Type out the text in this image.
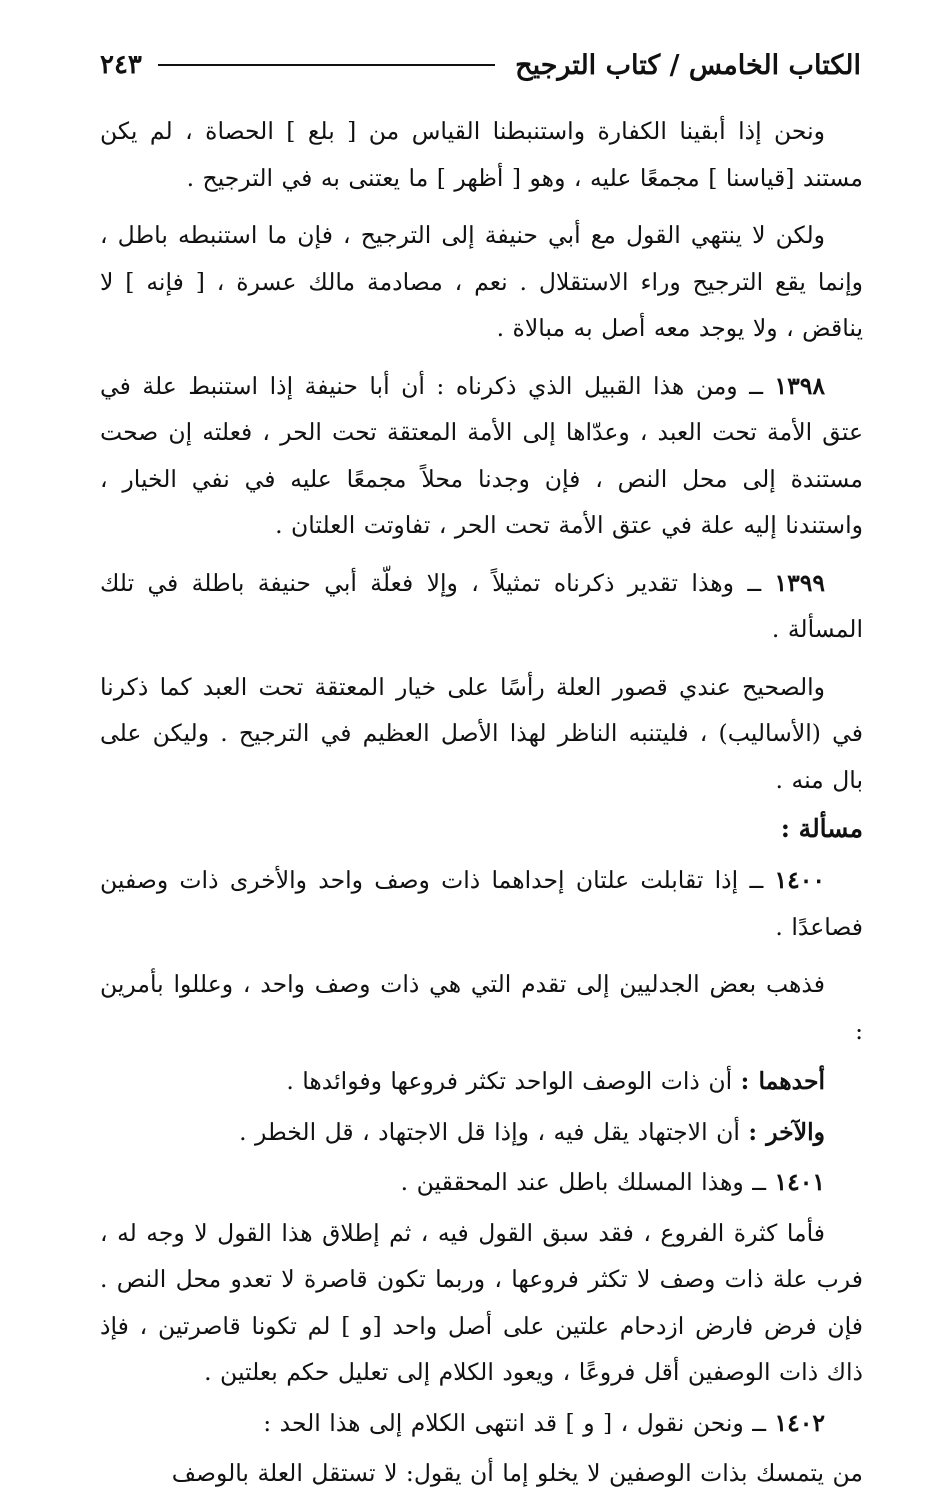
الكتاب الخامس / كتاب الترجيح
٢٤٣

ونحن إذا أبقينا الكفارة واستنبطنا القياس من [ بلع ] الحصاة ، لم يكن مستند [قياسنا ] مجمعًا عليه ، وهو [ أظهر ] ما يعتنى به في الترجيح .

ولكن لا ينتهي القول مع أبي حنيفة إلى الترجيح ، فإن ما استنبطه باطل ، وإنما يقع الترجيح وراء الاستقلال . نعم ، مصادمة مالك عسرة ، [ فإنه ] لا يناقض ، ولا يوجد معه أصل به مبالاة .

١٣٩٨ ــ ومن هذا القبيل الذي ذكرناه : أن أبا حنيفة إذا استنبط علة في عتق الأمة تحت العبد ، وعدّاها إلى الأمة المعتقة تحت الحر ، فعلته إن صحت مستندة إلى محل النص ، فإن وجدنا محلاً مجمعًا عليه في نفي الخيار ، واستندنا إليه علة في عتق الأمة تحت الحر ، تفاوتت العلتان .

١٣٩٩ ــ وهذا تقدير ذكرناه تمثيلاً ، وإلا فعلّة أبي حنيفة باطلة في تلك المسألة .

والصحيح عندي قصور العلة رأسًا على خيار المعتقة تحت العبد كما ذكرنا في (الأساليب) ، فليتنبه الناظر لهذا الأصل العظيم في الترجيح . وليكن على بال منه .

مسألة :

١٤٠٠ ــ إذا تقابلت علتان إحداهما ذات وصف واحد والأخرى ذات وصفين فصاعدًا .

فذهب بعض الجدليين إلى تقدم التي هي ذات وصف واحد ، وعللوا بأمرين :

أحدهما : أن ذات الوصف الواحد تكثر فروعها وفوائدها .

والآخر : أن الاجتهاد يقل فيه ، وإذا قل الاجتهاد ، قل الخطر .

١٤٠١ ــ وهذا المسلك باطل عند المحققين .

فأما كثرة الفروع ، فقد سبق القول فيه ، ثم إطلاق هذا القول لا وجه له ، فرب علة ذات وصف لا تكثر فروعها ، وربما تكون قاصرة لا تعدو محل النص . فإن فرض فارض ازدحام علتين على أصل واحد [و ] لم تكونا قاصرتين ، فإذ ذاك ذات الوصفين أقل فروعًا ، ويعود الكلام إلى تعليل حكم بعلتين .

١٤٠٢ ــ ونحن نقول ، [ و ] قد انتهى الكلام إلى هذا الحد :

من يتمسك بذات الوصفين لا يخلو إما أن يقول: لا تستقل العلة بالوصف
